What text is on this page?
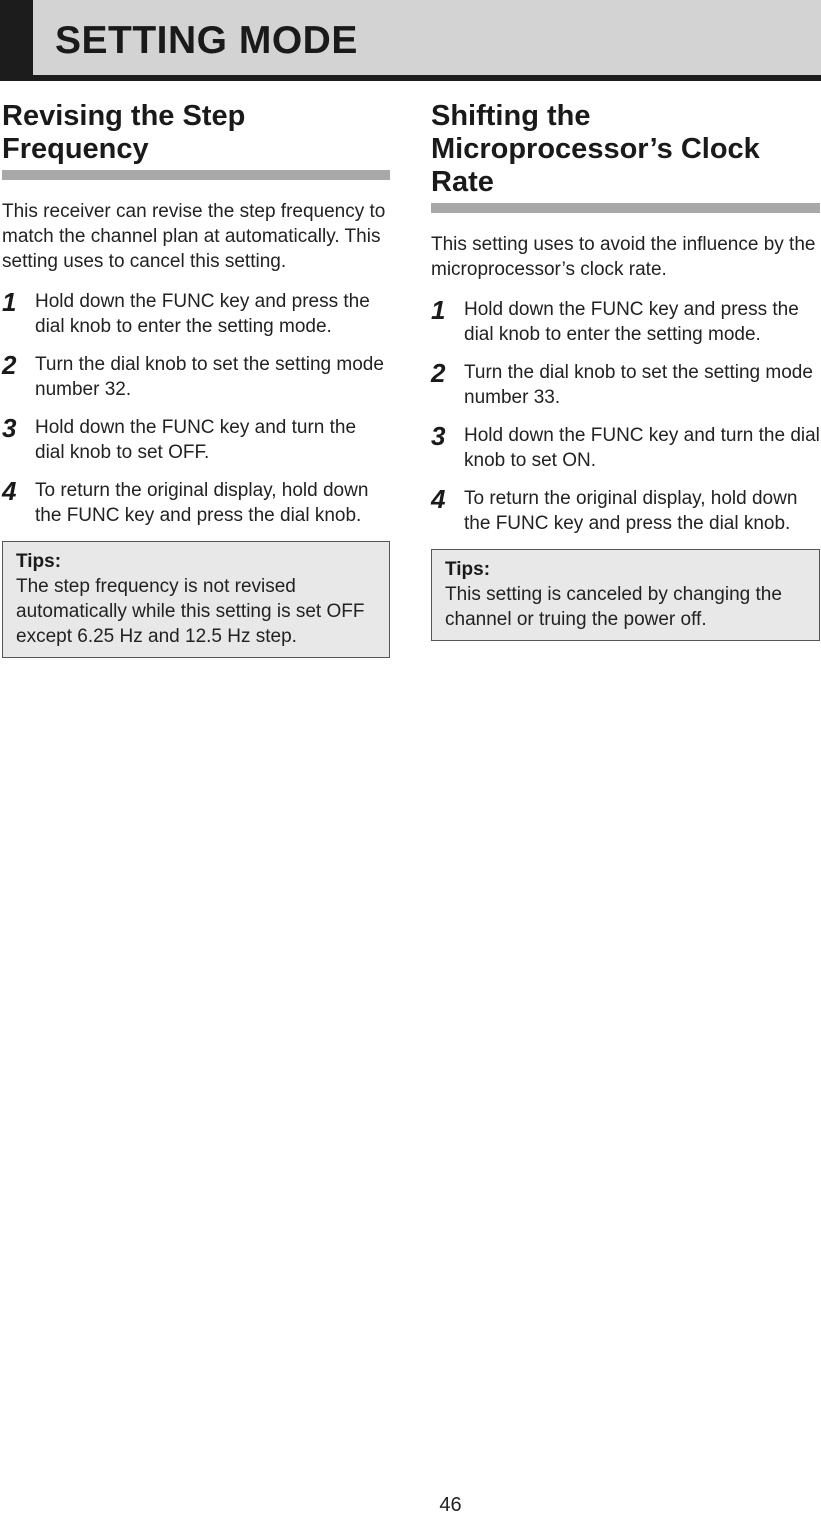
SETTING MODE
Revising the Step
Frequency

This receiver can revise the step frequency to match the channel plan at automatically. This setting uses to cancel this setting.

1 Hold down the FUNC key and press the dial knob to enter the setting mode.
2 Turn the dial knob to set the setting mode number 32.
3 Hold down the FUNC key and turn the dial knob to set OFF.
4 To return the original display, hold down the FUNC key and press the dial knob.
Tips:
The step frequency is not revised automatically while this setting is set OFF except 6.25 Hz and 12.5 Hz step.
Shifting the
Microprocessor’s Clock
Rate

This setting uses to avoid the influence by the microprocessor’s clock rate.

1 Hold down the FUNC key and press the dial knob to enter the setting mode.
2 Turn the dial knob to set the setting mode number 33.
3 Hold down the FUNC key and turn the dial knob to set ON.
4 To return the original display, hold down the FUNC key and press the dial knob.
Tips:
This setting is canceled by changing the channel or truing the power off.
46
